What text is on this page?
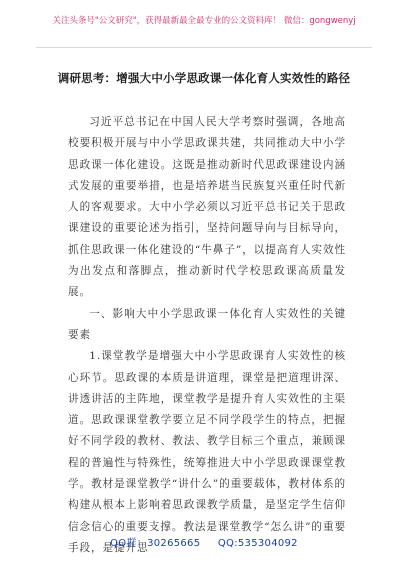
关注头条号"公文研究"，获得最新最全最专业的公文资料库！ 微信：gongwenyj
调研思考：增强大中小学思政课一体化育人实效性的路径

习近平总书记在中国人民大学考察时强调，各地高校要积极开展与中小学思政课共建，共同推动大中小学思政课一体化建设。这既是推动新时代思政课建设内涵式发展的重要举措，也是培养堪当民族复兴重任时代新人的客观要求。大中小学必须以习近平总书记关于思政课建设的重要论述为指引，坚持问题导向与目标导向，抓住思政课一体化建设的“牛鼻子”，以提高育人实效性为出发点和落脚点，推动新时代学校思政课高质量发展。

一、影响大中小学思政课一体化育人实效性的关键要素

1.课堂教学是增强大中小学思政课育人实效性的核心环节。思政课的本质是讲道理，课堂是把道理讲深、讲透讲活的主阵地，课堂教学是提升育人实效性的主渠道。思政课课堂教学要立足不同学段学生的特点，把握好不同学段的教材、教法、教学目标三个重点，兼顾课程的普遍性与特殊性，统筹推进大中小学思政课课堂教学。教材是课堂教学“讲什么”的重要载体，教材体系的构建从根本上影响着思政课教学质量，是坚定学生信仰信念信心的重要支撑。教法是课堂教学“怎么讲”的重要手段，是提升思

QQ群：30265665 QQ:535304092
